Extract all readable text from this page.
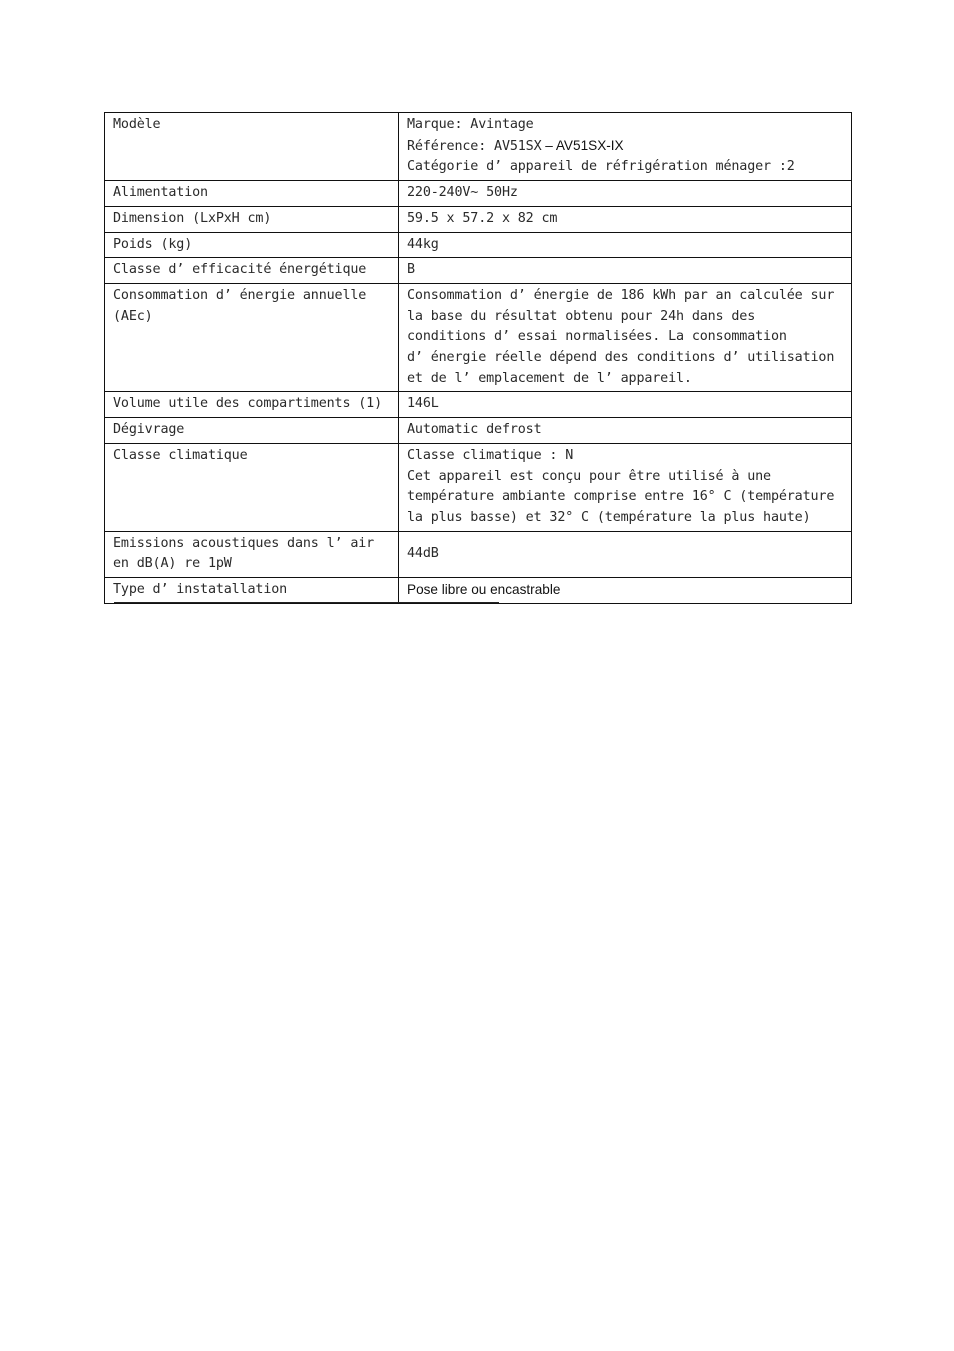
Modèle	Marque: Avintage
Référence: AV51SX – AV51SX-IX
Catégorie d’ appareil de réfrigération ménager :2

Alimentation	220-240V~ 50Hz

Dimension (LxPxH cm)	59.5 x 57.2 x 82 cm

Poids (kg)	44kg

Classe d’ efficacité énergétique	B

Consommation d’ énergie annuelle
(AEc)	Consommation d’ énergie de 186 kWh par an calculée sur
la base du résultat obtenu pour 24h dans des
conditions d’ essai normalisées. La consommation
d’ énergie réelle dépend des conditions d’ utilisation
et de l’ emplacement de l’ appareil.

Volume utile des compartiments (1)	146L

Dégivrage	Automatic defrost

Classe climatique	Classe climatique : N
Cet appareil est conçu pour être utilisé à une
température ambiante comprise entre 16° C (température
la plus basse) et 32° C (température la plus haute)

Emissions acoustiques dans l’ air
en dB(A) re 1pW	44dB

Type d’ instatallation	Pose libre ou encastrable
